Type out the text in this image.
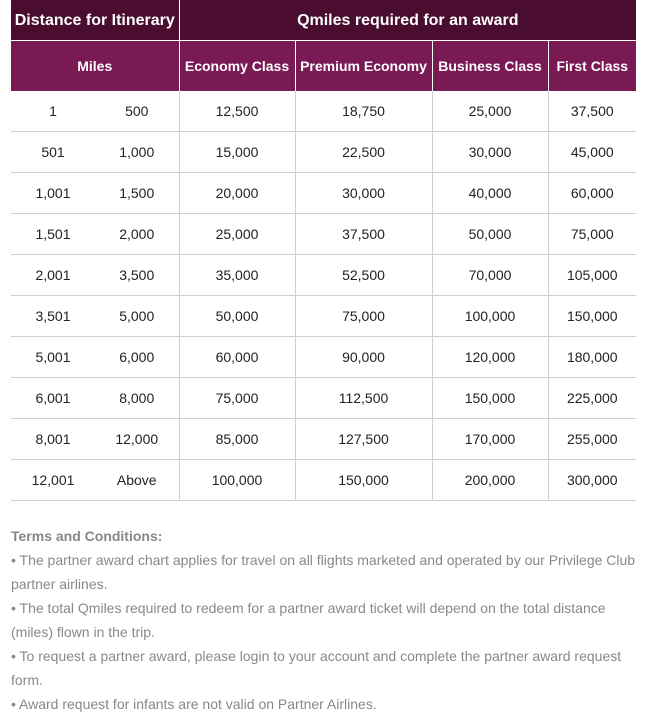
Distance for Itinerary		Qmiles required for an award			
Miles		Economy Class	Premium Economy	Business Class	First Class
1	500	12,500	18,750	25,000	37,500
501	1,000	15,000	22,500	30,000	45,000
1,001	1,500	20,000	30,000	40,000	60,000
1,501	2,000	25,000	37,500	50,000	75,000
2,001	3,500	35,000	52,500	70,000	105,000
3,501	5,000	50,000	75,000	100,000	150,000
5,001	6,000	60,000	90,000	120,000	180,000
6,001	8,000	75,000	112,500	150,000	225,000
8,001	12,000	85,000	127,500	170,000	255,000
12,001	Above	100,000	150,000	200,000	300,000

Terms and Conditions:

• The partner award chart applies for travel on all flights marketed and operated by our Privilege Club partner airlines.

• The total Qmiles required to redeem for a partner award ticket will depend on the total distance (miles) flown in the trip.

• To request a partner award, please login to your account and complete the partner award request form.

• Award request for infants are not valid on Partner Airlines.
